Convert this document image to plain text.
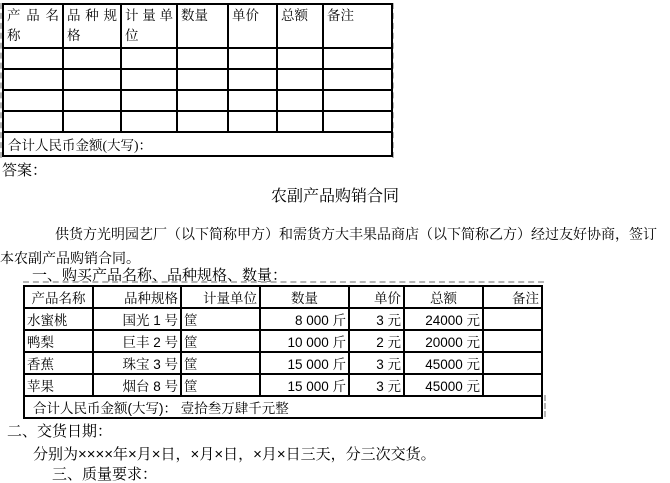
产品名称	品种规格	计量单位	数量	单价	总额	备注

合计人民币金额(大写)：						
答案：
农副产品购销合同
供货方光明园艺厂（以下简称甲方）和需货方大丰果品商店（以下简称乙方）经过友好协商，签订本农副产品购销合同。
一、购买产品名称、品种规格、数量：
产品名称	品种规格	计量单位	数量	单价	总额	备注
水蜜桃	国光 1 号	筐	8 000 斤	3 元	24000 元	
鸭梨	巨丰 2 号	筐	10 000 斤	2 元	20000 元	
香蕉	珠宝 3 号	筐	15 000 斤	3 元	45000 元	
苹果	烟台 8 号	筐	15 000 斤	3 元	45000 元	
合计人民币金额(大写)： 壹拾叁万肆千元整						
二、交货日期：
分别为××××年×月×日，×月×日，×月×日三天，分三次交货。
三、质量要求：
